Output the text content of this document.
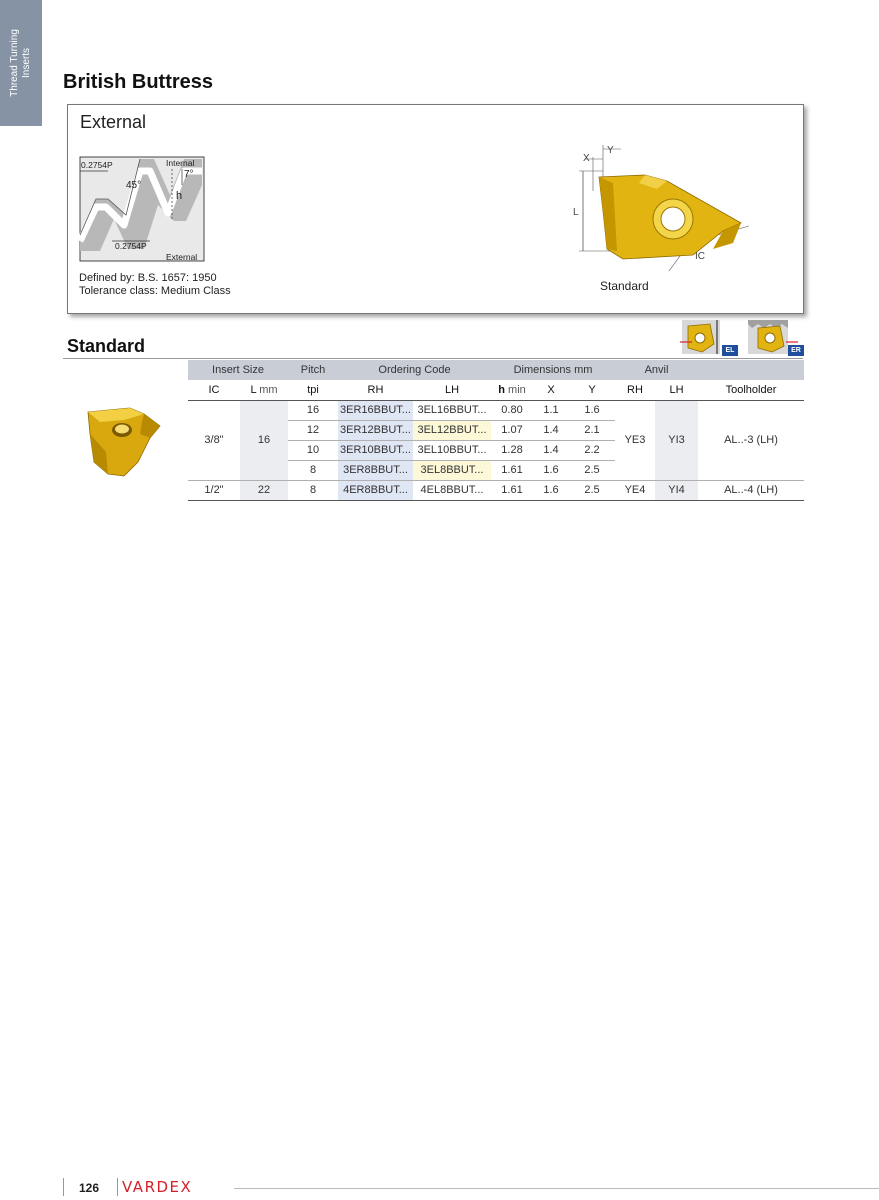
Thread Turning Inserts
British Buttress
External
0.2754P	Internal
7°
45°
h
0.2754P
External
Defined by: B.S. 1657: 1950
Tolerance class: Medium Class
X
Y
L
IC
Standard
Standard	EL	ER
Insert Size		Pitch	Ordering Code		Dimensions mm			Anvil		
IC	L mm	tpi	RH	LH	h min	X	Y	RH	LH	Toolholder
3/8"	16	16	3ER16BBUT...	3EL16BBUT...	0.80	1.1	1.6	YE3	YI3	AL..-3 (LH)
		12	3ER12BBUT...	3EL12BBUT...	1.07	1.4	2.1			
		10	3ER10BBUT...	3EL10BBUT...	1.28	1.4	2.2			
		8	3ER8BBUT...	3EL8BBUT...	1.61	1.6	2.5			
1/2"	22	8	4ER8BBUT...	4EL8BBUT...	1.61	1.6	2.5	YE4	YI4	AL..-4 (LH)
126 VARDEX
